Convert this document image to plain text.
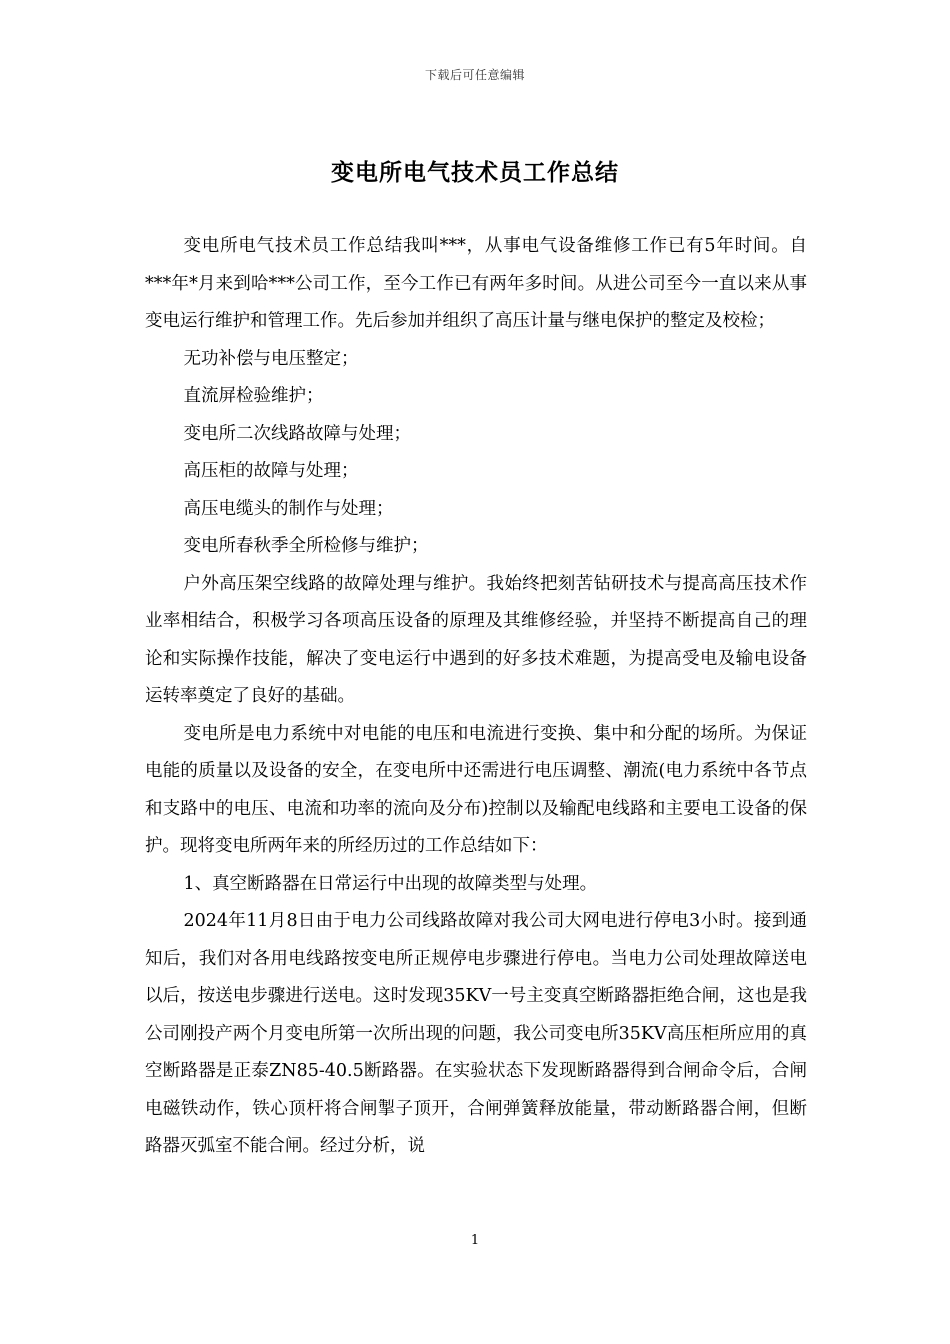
下载后可任意编辑
变电所电气技术员工作总结

变电所电气技术员工作总结我叫***，从事电气设备维修工作已有5年时间。自***年*月来到哈***公司工作，至今工作已有两年多时间。从进公司至今一直以来从事变电运行维护和管理工作。先后参加并组织了高压计量与继电保护的整定及校检；

无功补偿与电压整定；

直流屏检验维护；

变电所二次线路故障与处理；

高压柜的故障与处理；

高压电缆头的制作与处理；

变电所春秋季全所检修与维护；

户外高压架空线路的故障处理与维护。我始终把刻苦钻研技术与提高高压技术作业率相结合，积极学习各项高压设备的原理及其维修经验，并坚持不断提高自己的理论和实际操作技能，解决了变电运行中遇到的好多技术难题，为提高受电及输电设备运转率奠定了良好的基础。

变电所是电力系统中对电能的电压和电流进行变换、集中和分配的场所。为保证电能的质量以及设备的安全，在变电所中还需进行电压调整、潮流(电力系统中各节点和支路中的电压、电流和功率的流向及分布)控制以及输配电线路和主要电工设备的保护。现将变电所两年来的所经历过的工作总结如下：

1、真空断路器在日常运行中出现的故障类型与处理。

2024年11月8日由于电力公司线路故障对我公司大网电进行停电3小时。接到通知后，我们对各用电线路按变电所正规停电步骤进行停电。当电力公司处理故障送电以后，按送电步骤进行送电。这时发现35KV一号主变真空断路器拒绝合闸，这也是我公司刚投产两个月变电所第一次所出现的问题，我公司变电所35KV高压柜所应用的真空断路器是正泰ZN85-40.5断路器。在实验状态下发现断路器得到合闸命令后，合闸电磁铁动作，铁心顶杆将合闸掣子顶开，合闸弹簧释放能量，带动断路器合闸，但断路器灭弧室不能合闸。经过分析，说

1
